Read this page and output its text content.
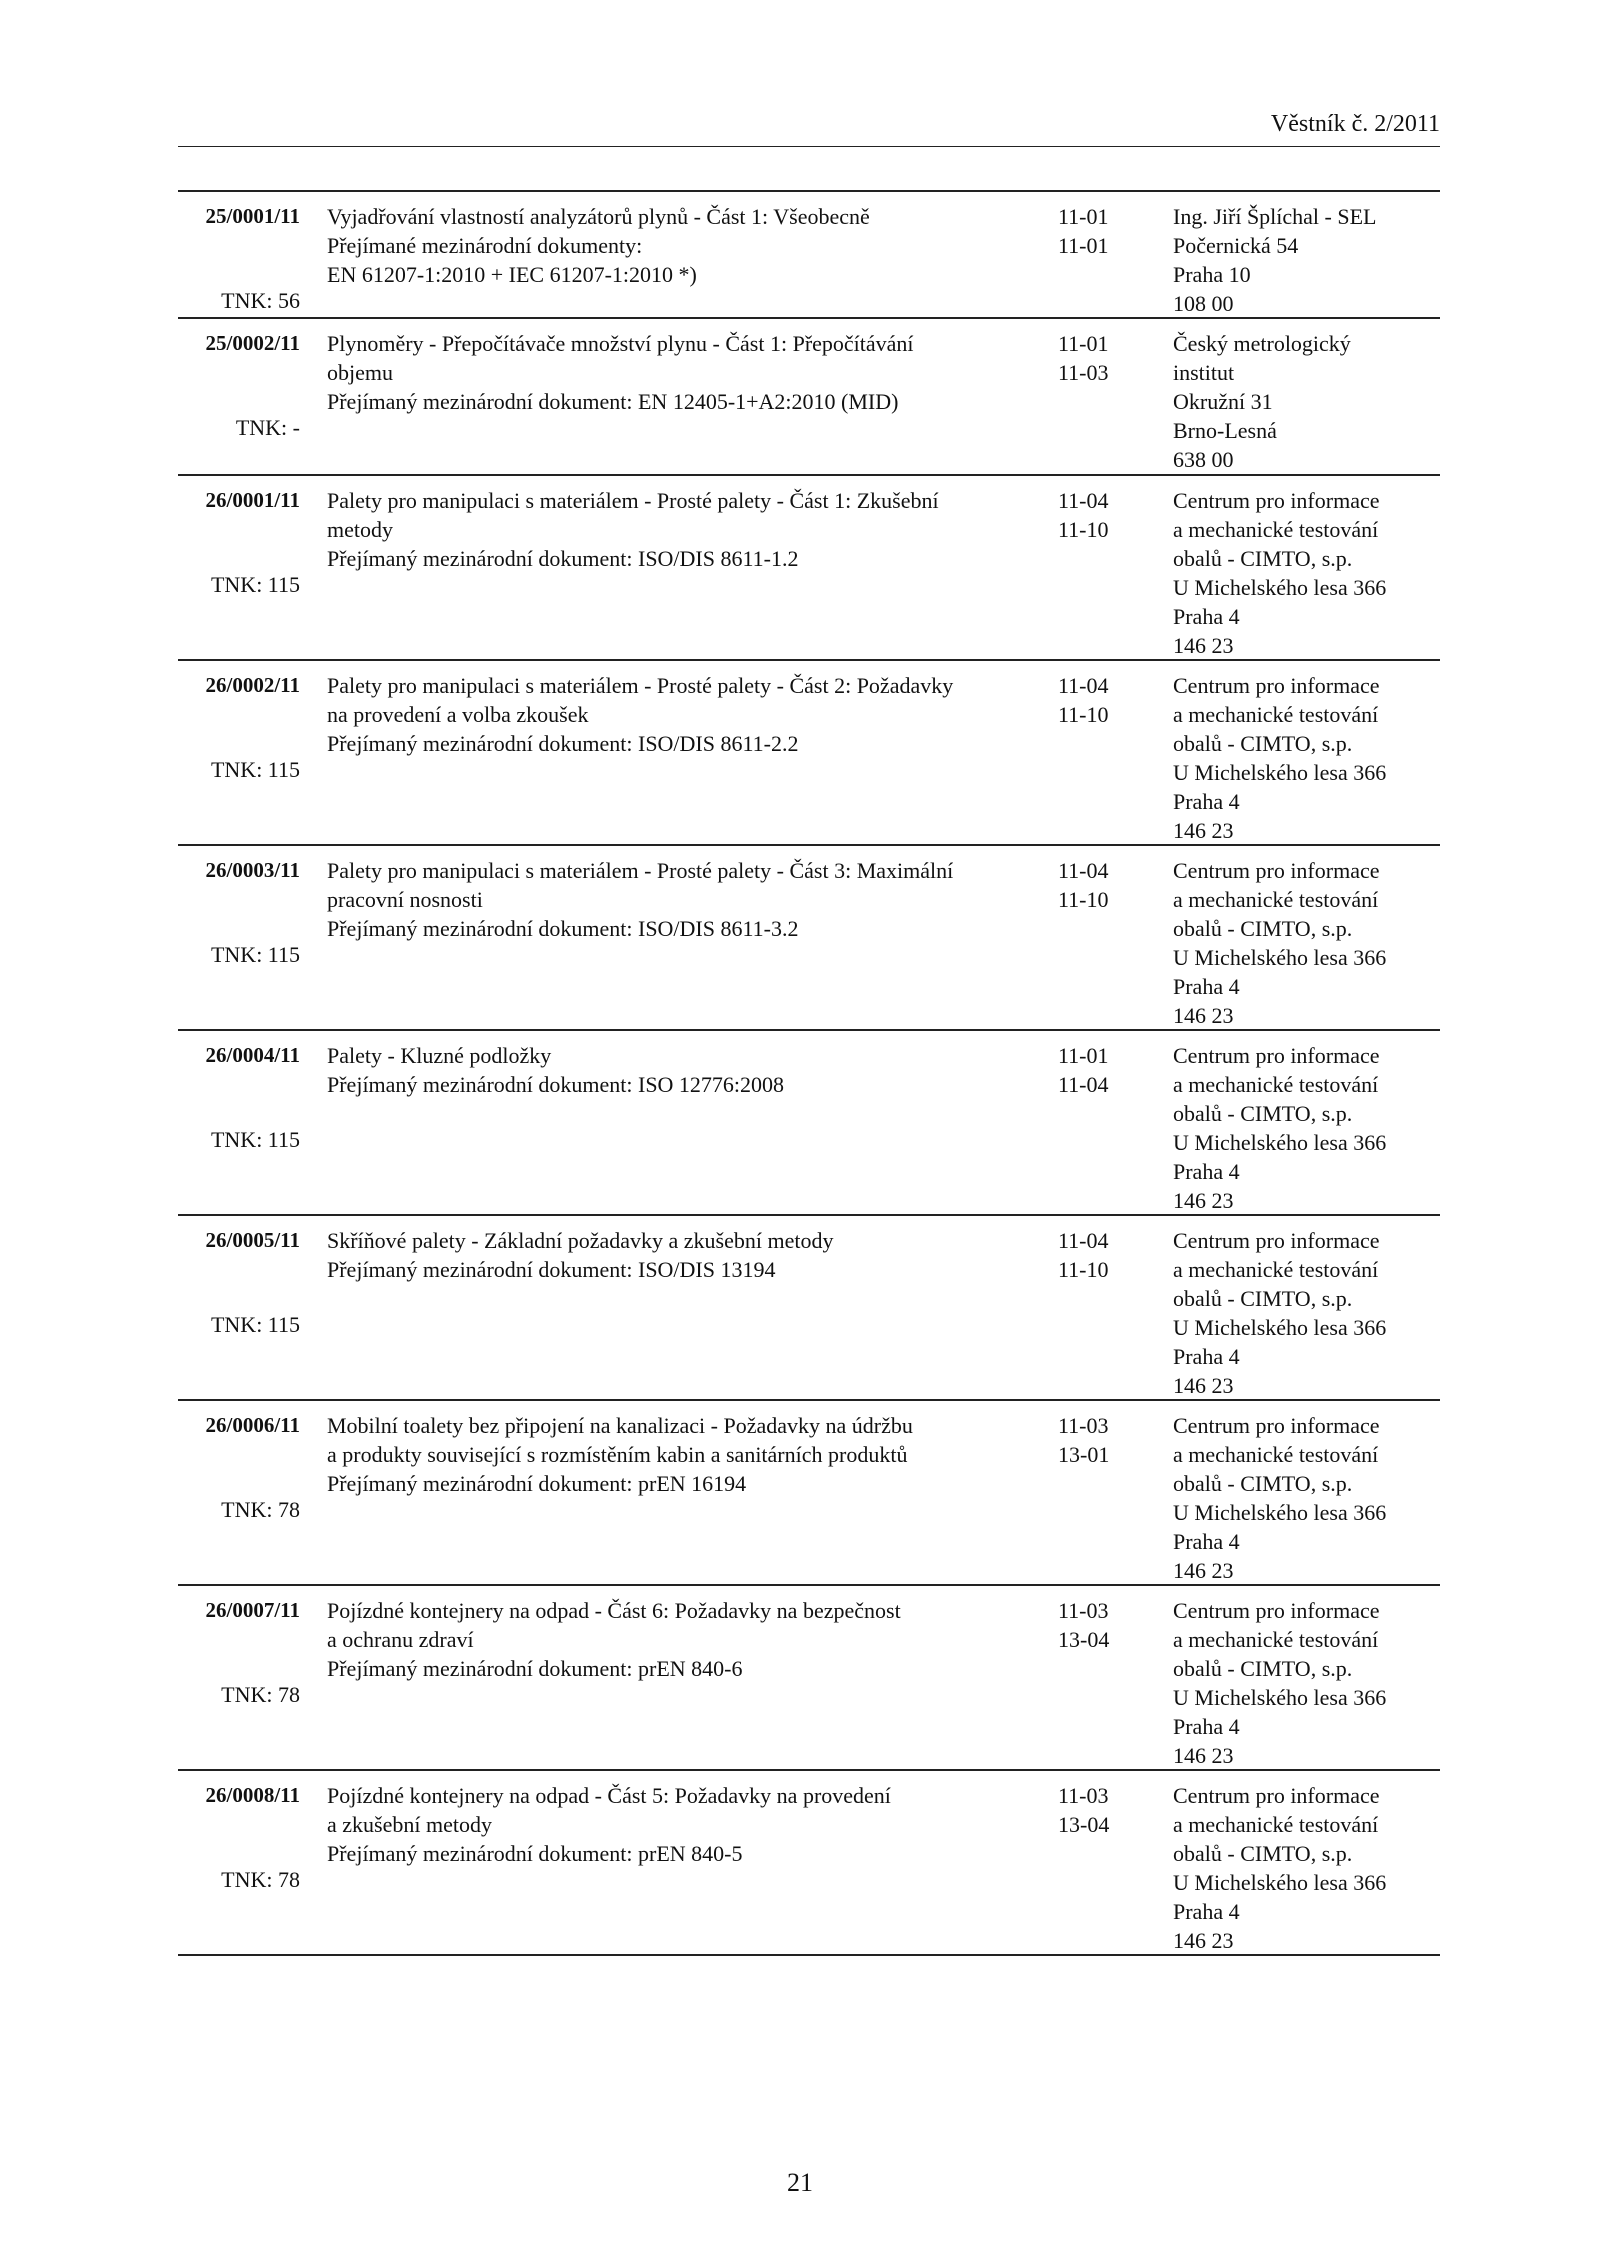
Věstník č. 2/2011
25/0001/11
TNK: 56
Vyjadřování vlastností analyzátorů plynů - Část 1: Všeobecně
Přejímané mezinárodní dokumenty:
EN 61207-1:2010 + IEC 61207-1:2010 *)
11-01
11-01
Ing. Jiří Šplíchal - SEL
Počernická 54
Praha 10
108 00
25/0002/11
TNK: -
Plynoměry - Přepočítávače množství plynu - Část 1: Přepočítávání
objemu
Přejímaný mezinárodní dokument: EN 12405-1+A2:2010 (MID)
11-01
11-03
Český metrologický
institut
Okružní 31
Brno-Lesná
638 00
26/0001/11
TNK: 115
Palety pro manipulaci s materiálem - Prosté palety - Část 1: Zkušební
metody
Přejímaný mezinárodní dokument: ISO/DIS 8611-1.2
11-04
11-10
Centrum pro informace
a mechanické testování
obalů - CIMTO, s.p.
U Michelského lesa 366
Praha 4
146 23
26/0002/11
TNK: 115
Palety pro manipulaci s materiálem - Prosté palety - Část 2: Požadavky
na provedení a volba zkoušek
Přejímaný mezinárodní dokument: ISO/DIS 8611-2.2
11-04
11-10
Centrum pro informace
a mechanické testování
obalů - CIMTO, s.p.
U Michelského lesa 366
Praha 4
146 23
26/0003/11
TNK: 115
Palety pro manipulaci s materiálem - Prosté palety - Část 3: Maximální
pracovní nosnosti
Přejímaný mezinárodní dokument: ISO/DIS 8611-3.2
11-04
11-10
Centrum pro informace
a mechanické testování
obalů - CIMTO, s.p.
U Michelského lesa 366
Praha 4
146 23
26/0004/11
TNK: 115
Palety - Kluzné podložky
Přejímaný mezinárodní dokument: ISO 12776:2008
11-01
11-04
Centrum pro informace
a mechanické testování
obalů - CIMTO, s.p.
U Michelského lesa 366
Praha 4
146 23
26/0005/11
TNK: 115
Skříňové palety - Základní požadavky a zkušební metody
Přejímaný mezinárodní dokument: ISO/DIS 13194
11-04
11-10
Centrum pro informace
a mechanické testování
obalů - CIMTO, s.p.
U Michelského lesa 366
Praha 4
146 23
26/0006/11
TNK: 78
Mobilní toalety bez připojení na kanalizaci - Požadavky na údržbu
a produkty související s rozmístěním kabin a sanitárních produktů
Přejímaný mezinárodní dokument: prEN 16194
11-03
13-01
Centrum pro informace
a mechanické testování
obalů - CIMTO, s.p.
U Michelského lesa 366
Praha 4
146 23
26/0007/11
TNK: 78
Pojízdné kontejnery na odpad - Část 6: Požadavky na bezpečnost
a ochranu zdraví
Přejímaný mezinárodní dokument: prEN 840-6
11-03
13-04
Centrum pro informace
a mechanické testování
obalů - CIMTO, s.p.
U Michelského lesa 366
Praha 4
146 23
26/0008/11
TNK: 78
Pojízdné kontejnery na odpad - Část 5: Požadavky na provedení
a zkušební metody
Přejímaný mezinárodní dokument: prEN 840-5
11-03
13-04
Centrum pro informace
a mechanické testování
obalů - CIMTO, s.p.
U Michelského lesa 366
Praha 4
146 23
21
